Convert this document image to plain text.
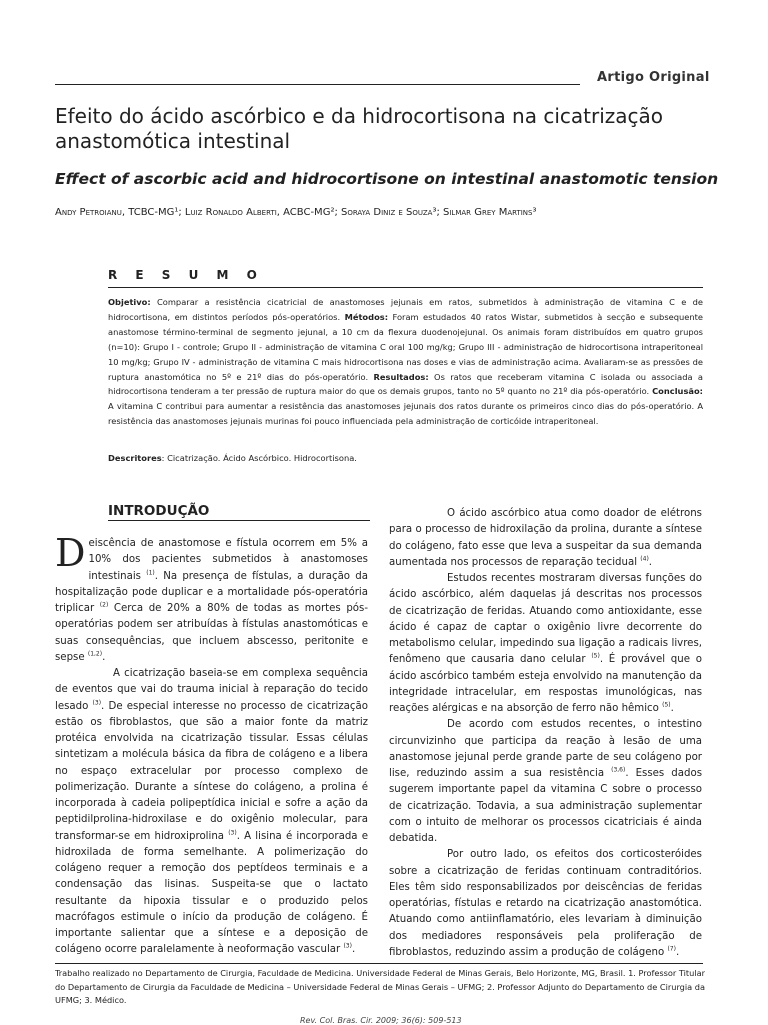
Artigo Original
Efeito do ácido ascórbico e da hidrocortisona na cicatrização anastomótica intestinal
Effect of ascorbic acid and hidrocortisone on intestinal anastomotic tension
Andy Petroianu, TCBC-MG¹; Luiz Ronaldo Alberti, ACBC-MG²; Soraya Diniz e Souza³; Silmar Grey Martins³
R E S U M O

Objetivo: Comparar a resistência cicatricial de anastomoses jejunais em ratos, submetidos à administração de vitamina C e de hidrocortisona, em distintos períodos pós-operatórios. Métodos: Foram estudados 40 ratos Wistar, submetidos à secção e subsequente anastomose término-terminal de segmento jejunal, a 10 cm da flexura duodenojejunal. Os animais foram distribuídos em quatro grupos (n=10): Grupo I - controle; Grupo II - administração de vitamina C oral 100 mg/kg; Grupo III - administração de hidrocortisona intraperitoneal 10 mg/kg; Grupo IV - administração de vitamina C mais hidrocortisona nas doses e vias de administração acima. Avaliaram-se as pressões de ruptura anastomótica no 5º e 21º dias do pós-operatório. Resultados: Os ratos que receberam vitamina C isolada ou associada a hidrocortisona tenderam a ter pressão de ruptura maior do que os demais grupos, tanto no 5º quanto no 21º dia pós-operatório. Conclusão: A vitamina C contribui para aumentar a resistência das anastomoses jejunais dos ratos durante os primeiros cinco dias do pós-operatório. A resistência das anastomoses jejunais murinas foi pouco influenciada pela administração de corticóide intraperitoneal.

Descritores: Cicatrização. Ácido Ascórbico. Hidrocortisona.
INTRODUÇÃO

Deiscência de anastomose e fístula ocorrem em 5% a 10% dos pacientes submetidos à anastomoses intestinais $^{(1)}$. Na presença de fístulas, a duração da hospitalização pode duplicar e a mortalidade pós-operatória triplicar $^{(2)}$ Cerca de 20% a 80% de todas as mortes pós-operatórias podem ser atribuídas à fístulas anastomóticas e suas consequências, que incluem abscesso, peritonite e sepse $^{(1,2)}$.

A cicatrização baseia-se em complexa sequência de eventos que vai do trauma inicial à reparação do tecido lesado $^{(3)}$. De especial interesse no processo de cicatrização estão os fibroblastos, que são a maior fonte da matriz protéica envolvida na cicatrização tissular. Essas células sintetizam a molécula básica da fibra de colágeno e a libera no espaço extracelular por processo complexo de polimerização. Durante a síntese do colágeno, a prolina é incorporada à cadeia polipeptídica inicial e sofre a ação da peptidilprolina-hidroxilase e do oxigênio molecular, para transformar-se em hidroxiprolina $^{(3)}$. A lisina é incorporada e hidroxilada de forma semelhante. A polimerização do colágeno requer a remoção dos peptídeos terminais e a condensação das lisinas. Suspeita-se que o lactato resultante da hipoxia tissular e o produzido pelos macrófagos estimule o início da produção de colágeno. É importante salientar que a síntese e a deposição de colágeno ocorre paralelamente à neoformação vascular $^{(3)}$.

O ácido ascórbico atua como doador de elétrons para o processo de hidroxilação da prolina, durante a síntese do colágeno, fato esse que leva a suspeitar da sua demanda aumentada nos processos de reparação tecidual $^{(4)}$.

Estudos recentes mostraram diversas funções do ácido ascórbico, além daquelas já descritas nos processos de cicatrização de feridas. Atuando como antioxidante, esse ácido é capaz de captar o oxigênio livre decorrente do metabolismo celular, impedindo sua ligação a radicais livres, fenômeno que causaria dano celular $^{(5)}$. É provável que o ácido ascórbico também esteja envolvido na manutenção da integridade intracelular, em respostas imunológicas, nas reações alérgicas e na absorção de ferro não hêmico $^{(5)}$.

De acordo com estudos recentes, o intestino circunvizinho que participa da reação à lesão de uma anastomose jejunal perde grande parte de seu colágeno por lise, reduzindo assim a sua resistência $^{(3,6)}$. Esses dados sugerem importante papel da vitamina C sobre o processo de cicatrização. Todavia, a sua administração suplementar com o intuito de melhorar os processos cicatriciais é ainda debatida.

Por outro lado, os efeitos dos corticosteróides sobre a cicatrização de feridas continuam contraditórios. Eles têm sido responsabilizados por deiscências de feridas operatórias, fístulas e retardo na cicatrização anastomótica. Atuando como antiinflamatório, eles levariam à diminuição dos mediadores responsáveis pela proliferação de fibroblastos, reduzindo assim a produção de colágeno $^{(7)}$.

Trabalho realizado no Departamento de Cirurgia, Faculdade de Medicina. Universidade Federal de Minas Gerais, Belo Horizonte, MG, Brasil. 1. Professor Titular do Departamento de Cirurgia da Faculdade de Medicina – Universidade Federal de Minas Gerais – UFMG; 2. Professor Adjunto do Departamento de Cirurgia da UFMG; 3. Médico.

Rev. Col. Bras. Cir. 2009; 36(6): 509-513
